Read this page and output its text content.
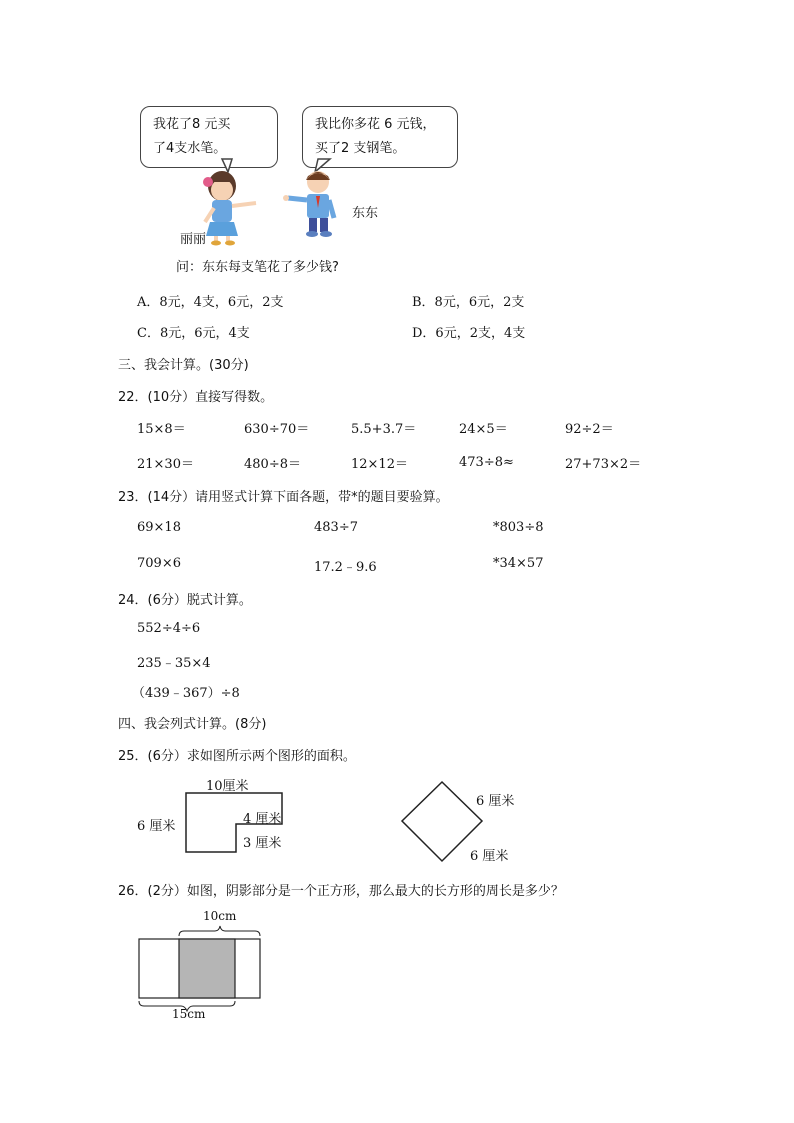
我花了8 元买
了4支水笔。
我比你多花 6 元钱，
买了2 支钢笔。
东东
丽丽
问：东东每支笔花了多少钱?
A．8元，4支，6元，2支	B．8元，6元，2支
C．8元，6元，4支	D．6元，2支，4支
三、我会计算。(30分)
22．(10分）直接写得数。
15×8＝	630÷70＝	5.5+3.7＝	24×5＝	92÷2＝
21×30＝	480÷8＝	12×12＝	473÷8≈	27+73×2＝
23．(14分）请用竖式计算下面各题，带*的题目要验算。
69×18	483÷7	*803÷8
709×6	17.2﹣9.6	*34×57
24．(6分）脱式计算。
552÷4÷6
235﹣35×4
（439﹣367）÷8
四、我会列式计算。(8分)
25．(6分）求如图所示两个图形的面积。
10厘米
6 厘米	4 厘米
3 厘米
6 厘米
6 厘米
26．(2分）如图，阴影部分是一个正方形，那么最大的长方形的周长是多少？
10cm
15cm
